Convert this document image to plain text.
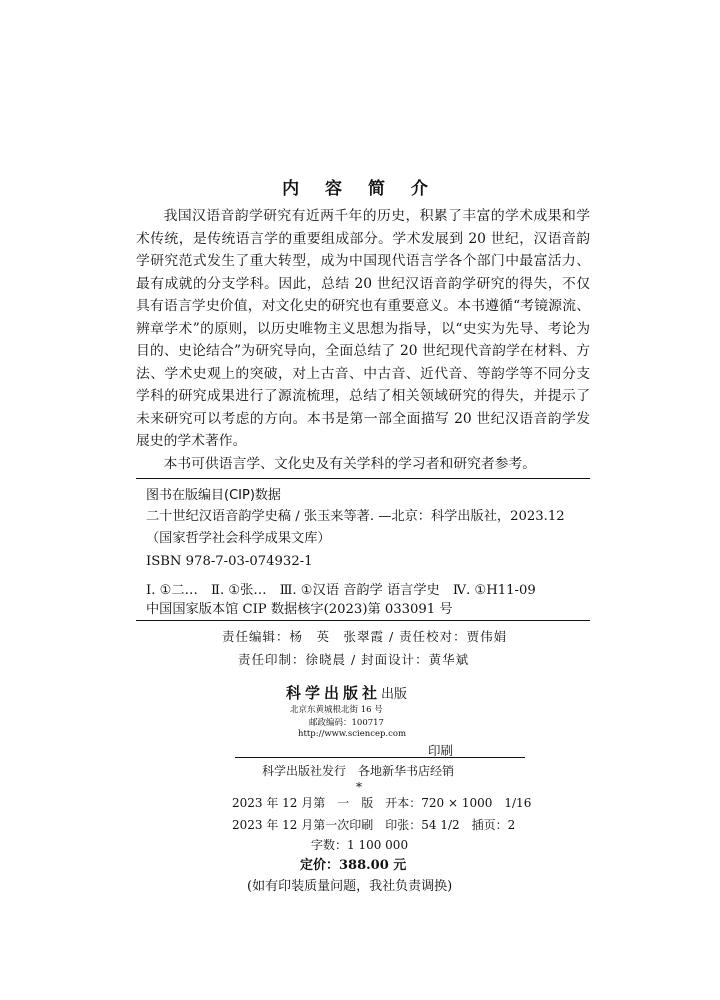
内 容 简 介

我国汉语音韵学研究有近两千年的历史，积累了丰富的学术成果和学术传统，是传统语言学的重要组成部分。学术发展到 20 世纪，汉语音韵学研究范式发生了重大转型，成为中国现代语言学各个部门中最富活力、最有成就的分支学科。因此，总结 20 世纪汉语音韵学研究的得失，不仅具有语言学史价值，对文化史的研究也有重要意义。本书遵循“考镜源流、辨章学术”的原则，以历史唯物主义思想为指导，以“史实为先导、考论为目的、史论结合”为研究导向，全面总结了 20 世纪现代音韵学在材料、方法、学术史观上的突破，对上古音、中古音、近代音、等韵学等不同分支学科的研究成果进行了源流梳理，总结了相关领域研究的得失，并提示了未来研究可以考虑的方向。本书是第一部全面描写 20 世纪汉语音韵学发展史的学术著作。

本书可供语言学、文化史及有关学科的学习者和研究者参考。

图书在版编目(CIP)数据
二十世纪汉语音韵学史稿 / 张玉来等著. —北京：科学出版社，2023.12
（国家哲学社会科学成果文库）
ISBN 978-7-03-074932-1
Ⅰ. ①二…　Ⅱ. ①张…　Ⅲ. ①汉语 音韵学 语言学史　Ⅳ. ①H11-09
中国国家版本馆 CIP 数据核字(2023)第 033091 号
责任编辑：杨　英　张翠霞 / 责任校对：贾伟娟
责任印制：徐晓晨 / 封面设计：黄华斌
科学出版社出版
北京东黄城根北街 16 号
邮政编码：100717
http://www.sciencep.com
印刷
科学出版社发行　各地新华书店经销
*
2023 年 12 月第　一　版　开本：720 × 1000　1/16
2023 年 12 月第一次印刷　印张：54 1/2　插页：2
字数：1 100 000
定价：388.00 元
(如有印装质量问题，我社负责调换)
